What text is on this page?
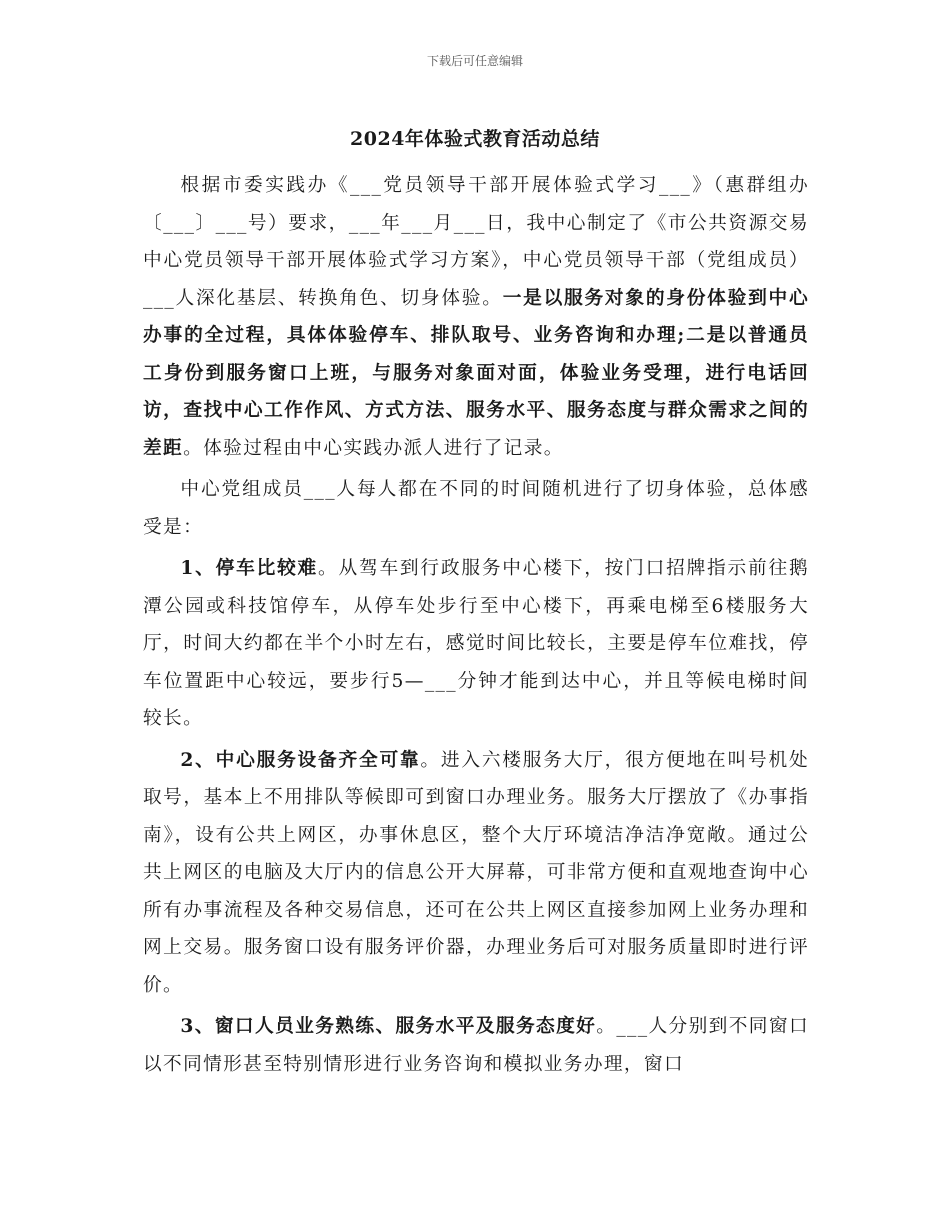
下载后可任意编辑
2024年体验式教育活动总结

根据市委实践办《___党员领导干部开展体验式学习___》（惠群组办〔___〕___号）要求，___年___月___日，我中心制定了《市公共资源交易中心党员领导干部开展体验式学习方案》，中心党员领导干部（党组成员）___人深化基层、转换角色、切身体验。一是以服务对象的身份体验到中心办事的全过程，具体体验停车、排队取号、业务咨询和办理;二是以普通员工身份到服务窗口上班，与服务对象面对面，体验业务受理，进行电话回访，查找中心工作作风、方式方法、服务水平、服务态度与群众需求之间的差距。体验过程由中心实践办派人进行了记录。

中心党组成员___人每人都在不同的时间随机进行了切身体验，总体感受是：

1、停车比较难。从驾车到行政服务中心楼下，按门口招牌指示前往鹅潭公园或科技馆停车，从停车处步行至中心楼下，再乘电梯至6楼服务大厅，时间大约都在半个小时左右，感觉时间比较长，主要是停车位难找，停车位置距中心较远，要步行5—___分钟才能到达中心，并且等候电梯时间较长。

2、中心服务设备齐全可靠。进入六楼服务大厅，很方便地在叫号机处取号，基本上不用排队等候即可到窗口办理业务。服务大厅摆放了《办事指南》，设有公共上网区，办事休息区，整个大厅环境洁净洁净宽敞。通过公共上网区的电脑及大厅内的信息公开大屏幕，可非常方便和直观地查询中心所有办事流程及各种交易信息，还可在公共上网区直接参加网上业务办理和网上交易。服务窗口设有服务评价器，办理业务后可对服务质量即时进行评价。

3、窗口人员业务熟练、服务水平及服务态度好。___人分别到不同窗口以不同情形甚至特别情形进行业务咨询和模拟业务办理，窗口
